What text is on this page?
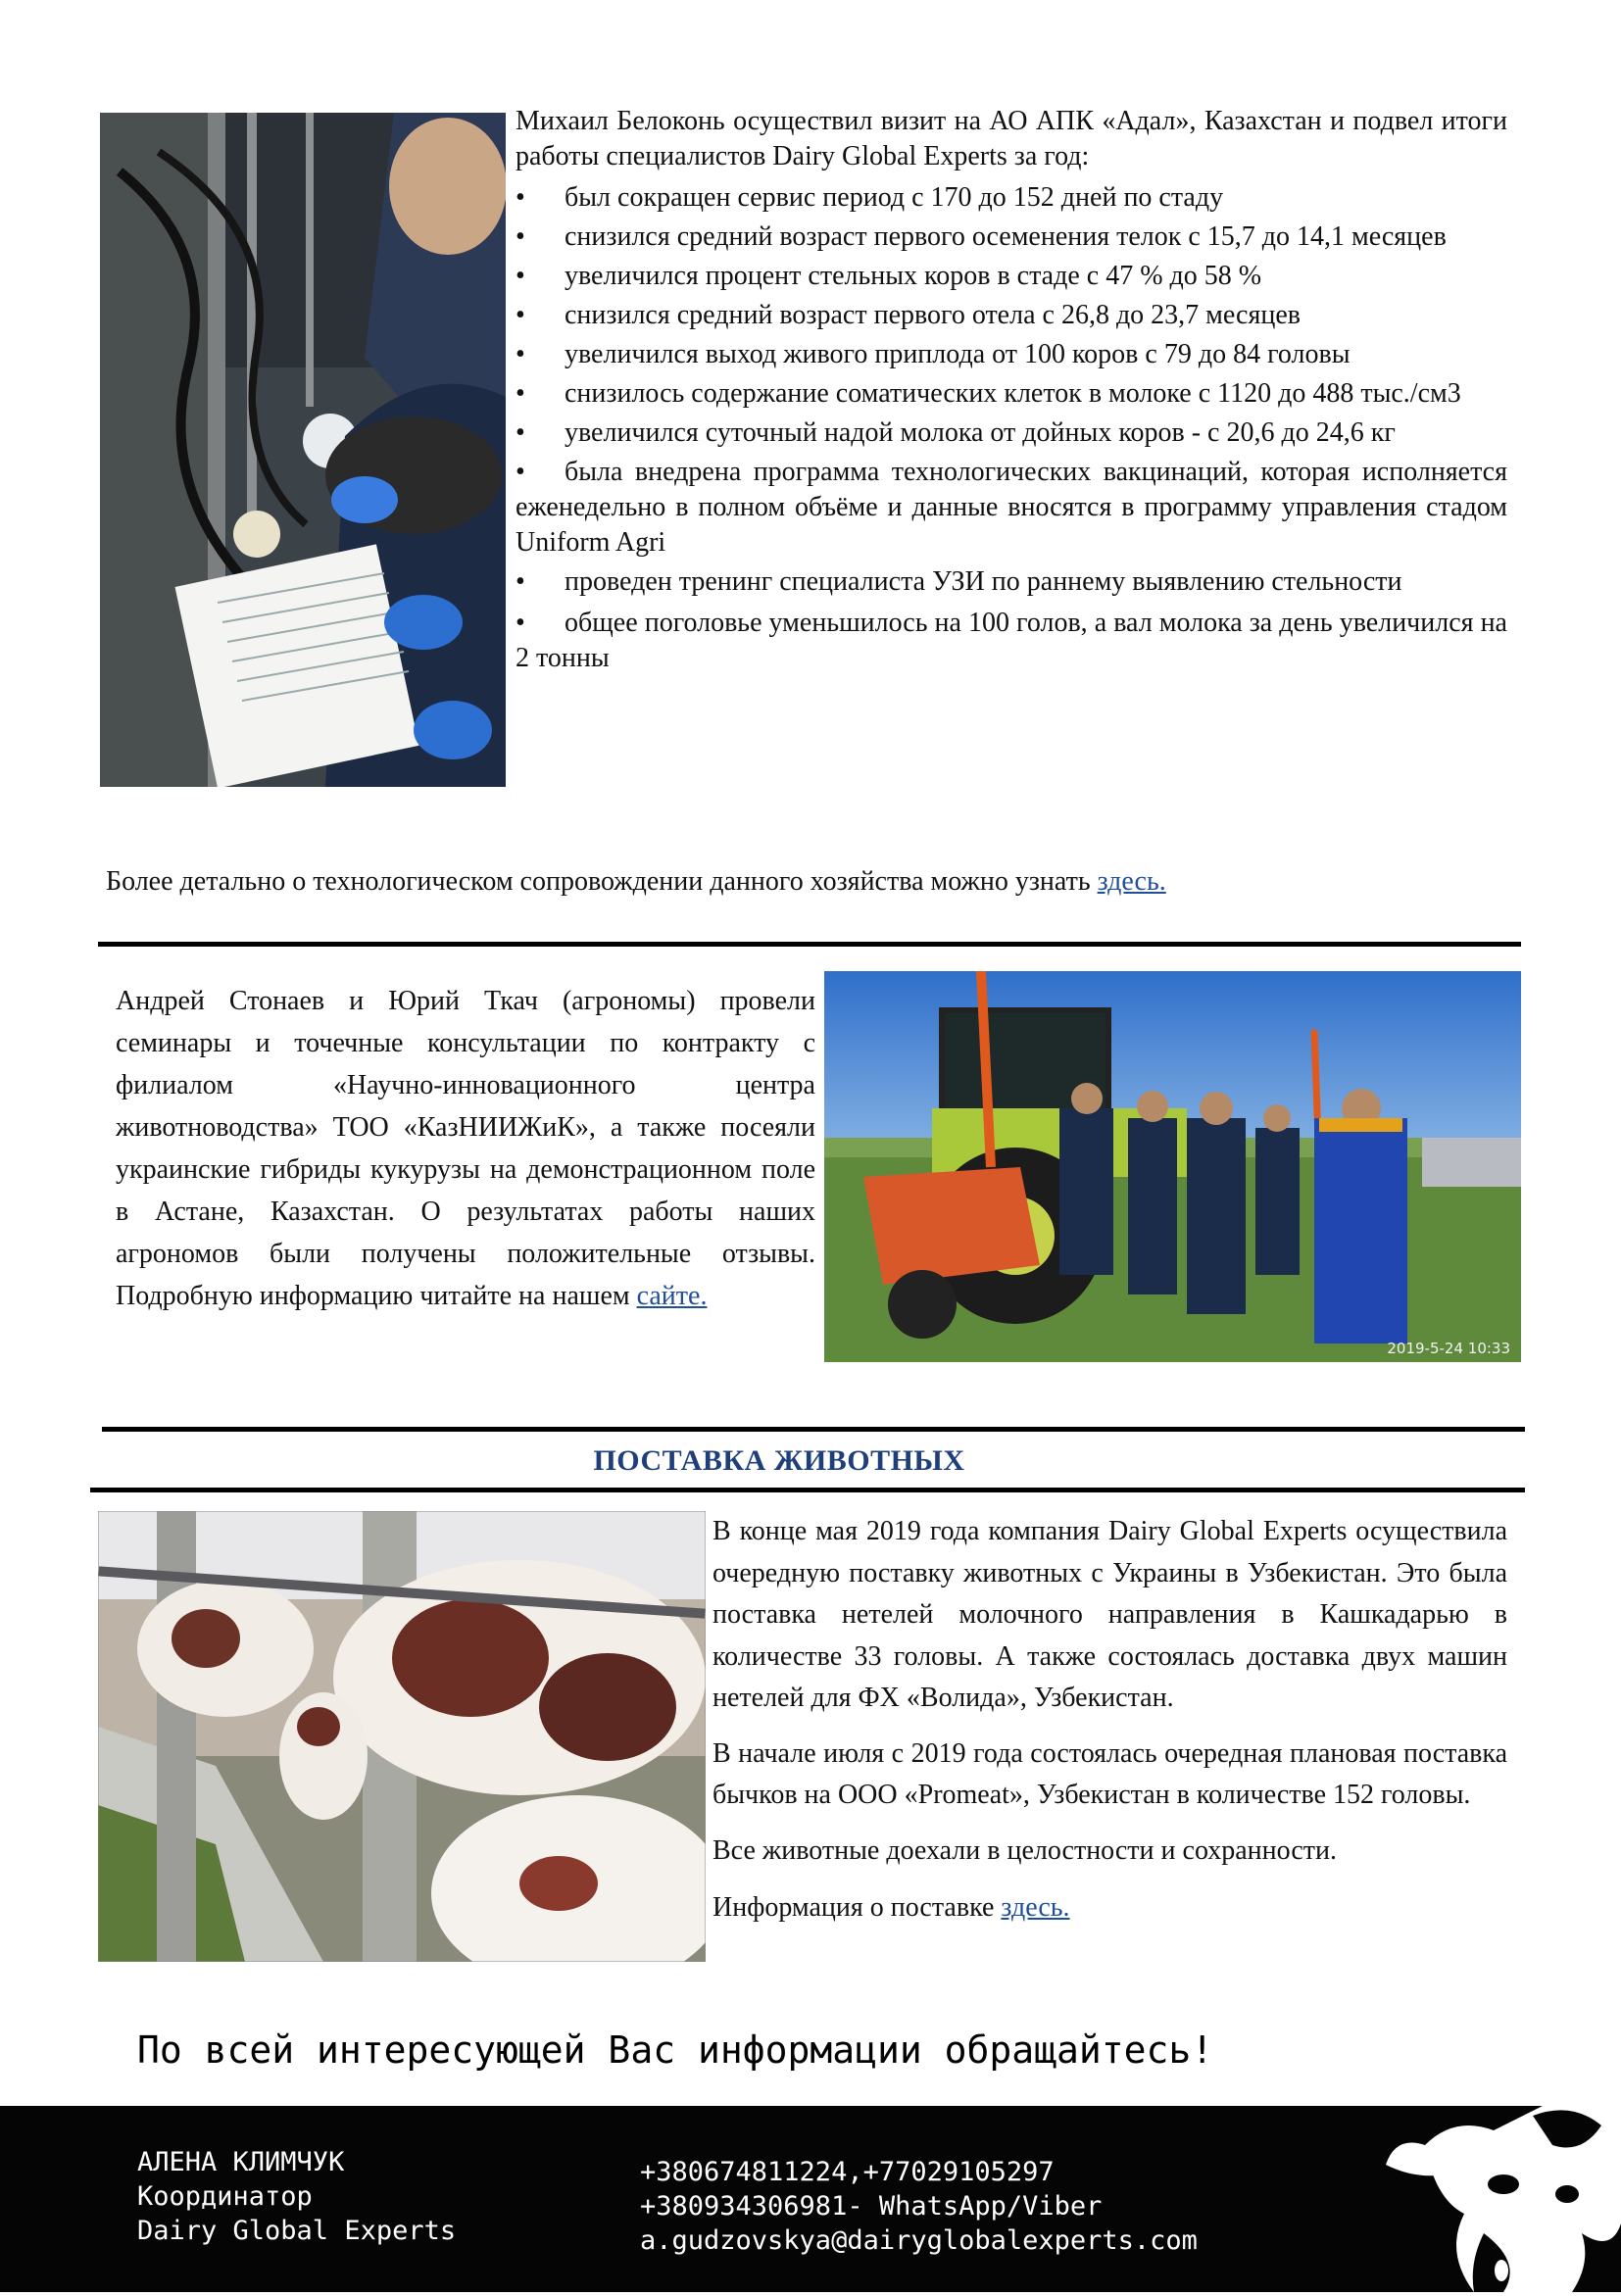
Михаил Белоконь осуществил визит на АО АПК «Адал», Казахстан и подвел итоги работы специалистов Dairy Global Experts за год:
• был сокращен сервис период с 170 до 152 дней по стаду
• снизился средний возраст первого осеменения телок с 15,7 до 14,1 месяцев
• увеличился процент стельных коров в стаде с 47 % до 58 %
• снизился средний возраст первого отела с 26,8 до 23,7 месяцев
• увеличился выход живого приплода от 100 коров с 79 до 84 головы
• снизилось содержание соматических клеток в молоке с 1120 до 488 тыс./см3
• увеличился суточный надой молока от дойных коров - с 20,6 до 24,6 кг
• была внедрена программа технологических вакцинаций, которая исполняется еженедельно в полном объёме и данные вносятся в программу управления стадом Uniform Agri
• проведен тренинг специалиста УЗИ по раннему выявлению стельности
• общее поголовье уменьшилось на 100 голов, а вал молока за день увеличился на 2 тонны
Более детально о технологическом сопровождении данного хозяйства можно узнать здесь.
Андрей Стонаев и Юрий Ткач (агрономы) провели семинары и точечные консультации по контракту с филиалом «Научно-инновационного центра животноводства» ТОО «КазНИИЖиК», а также посеяли украинские гибриды кукурузы на демонстрационном поле в Астане, Казахстан. О результатах работы наших агрономов были получены положительные отзывы. Подробную информацию читайте на нашем сайте.
2019-5-24 10:33
ПОСТАВКА ЖИВОТНЫХ

В конце мая 2019 года компания Dairy Global Experts осуществила очередную поставку животных с Украины в Узбекистан. Это была поставка нетелей молочного направления в Кашкадарью в количестве 33 головы. А также состоялась доставка двух машин нетелей для ФХ «Волида», Узбекистан.

В начале июля с 2019 года состоялась очередная плановая поставка бычков на ООО «Promeat», Узбекистан в количестве 152 головы.

Все животные доехали в целостности и сохранности.

Информация о поставке здесь.

По всей интересующей Вас информации обращайтесь!
АЛЕНА КЛИМЧУК
Координатор
Dairy Global Experts
+380674811224,+77029105297
+380934306981- WhatsApp/Viber
a.gudzovskya@dairyglobalexperts.com
